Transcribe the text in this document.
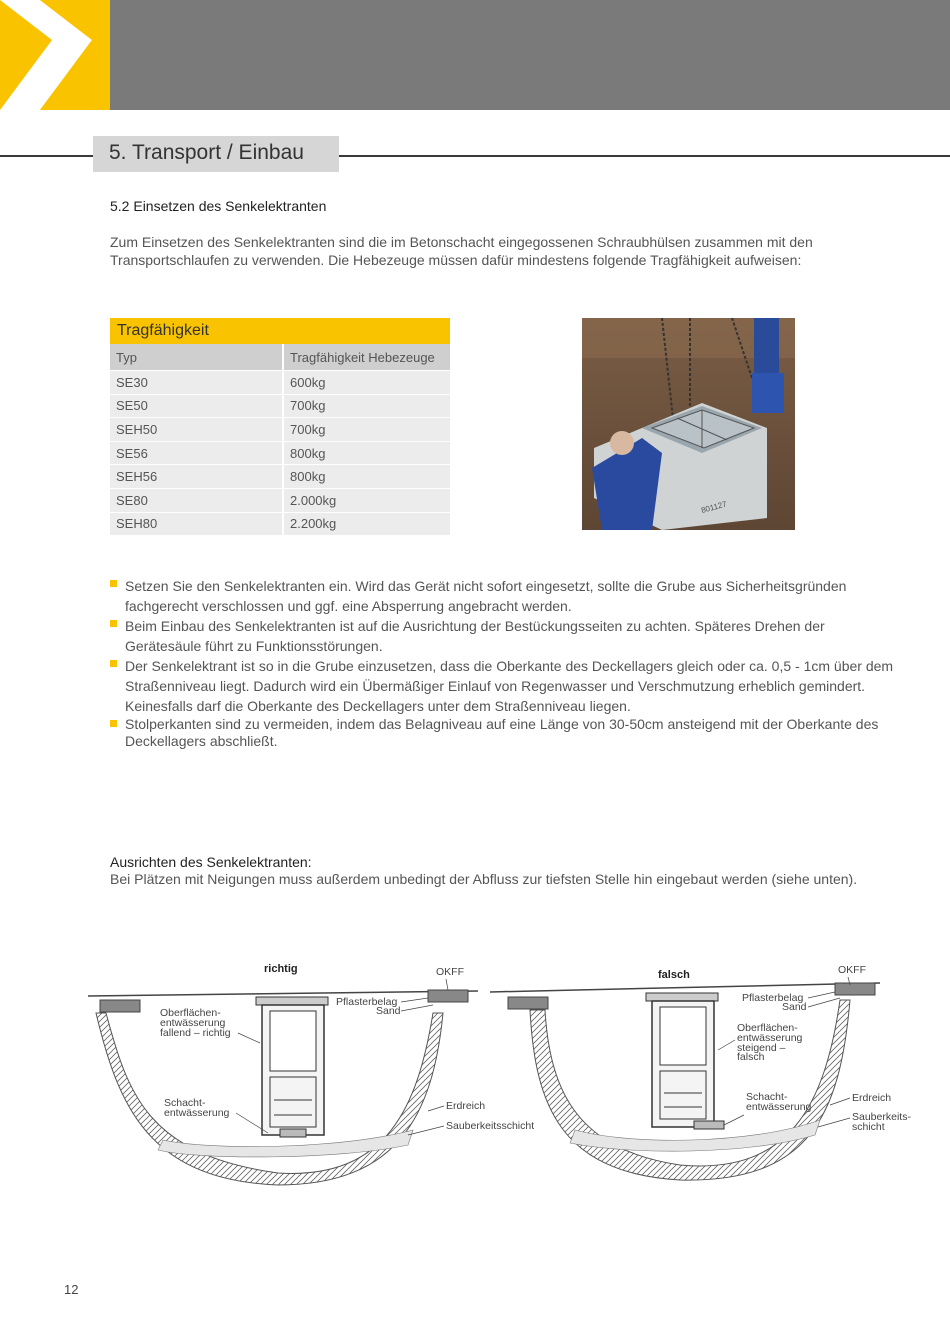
5. Transport / Einbau
5.2 Einsetzen des Senkelektranten

Zum Einsetzen des Senkelektranten sind die im Betonschacht eingegossenen Schraubhülsen zusammen mit den Transportschlaufen zu verwenden. Die Hebezeuge müssen dafür mindestens folgende Tragfähigkeit aufweisen:

Tragfähigkeit	
Typ	Tragfähigkeit Hebezeuge
SE30	600kg
SE50	700kg
SEH50	700kg
SE56	800kg
SEH56	800kg
SE80	2.000kg
SEH80	2.200kg
801127
Setzen Sie den Senkelektranten ein. Wird das Gerät nicht sofort eingesetzt, sollte die Grube aus Sicherheitsgründen fachgerecht verschlossen und ggf. eine Absperrung angebracht werden.
Beim Einbau des Senkelektranten ist auf die Ausrichtung der Bestückungsseiten zu achten. Späteres Drehen der Gerätesäule führt zu Funktionsstörungen.
Der Senkelektrant ist so in die Grube einzusetzen, dass die Oberkante des Deckellagers gleich oder ca. 0,5 - 1cm über dem Straßenniveau liegt. Dadurch wird ein Übermäßiger Einlauf von Regenwasser und Verschmutzung erheblich gemindert. Keinesfalls darf die Oberkante des Deckellagers unter dem Straßenniveau liegen.
Stolperkanten sind zu vermeiden, indem das Belagniveau auf eine Länge von 30-50cm ansteigend mit der Oberkante des Deckellagers abschließt.
Ausrichten des Senkelektranten:
Bei Plätzen mit Neigungen muss außerdem unbedingt der Abfluss zur tiefsten Stelle hin eingebaut werden (siehe unten).
richtig	OKFF
Pflasterbelag
Sand
Oberflächen-
entwässerung
fallend – richtig
Schacht-
entwässerung
Erdreich
Sauberkeitsschicht
falsch	OKFF
Pflasterbelag
Sand
Oberflächen-
entwässerung
steigend –
falsch
Schacht-
entwässerung
Erdreich
Sauberkeits-
schicht
12
